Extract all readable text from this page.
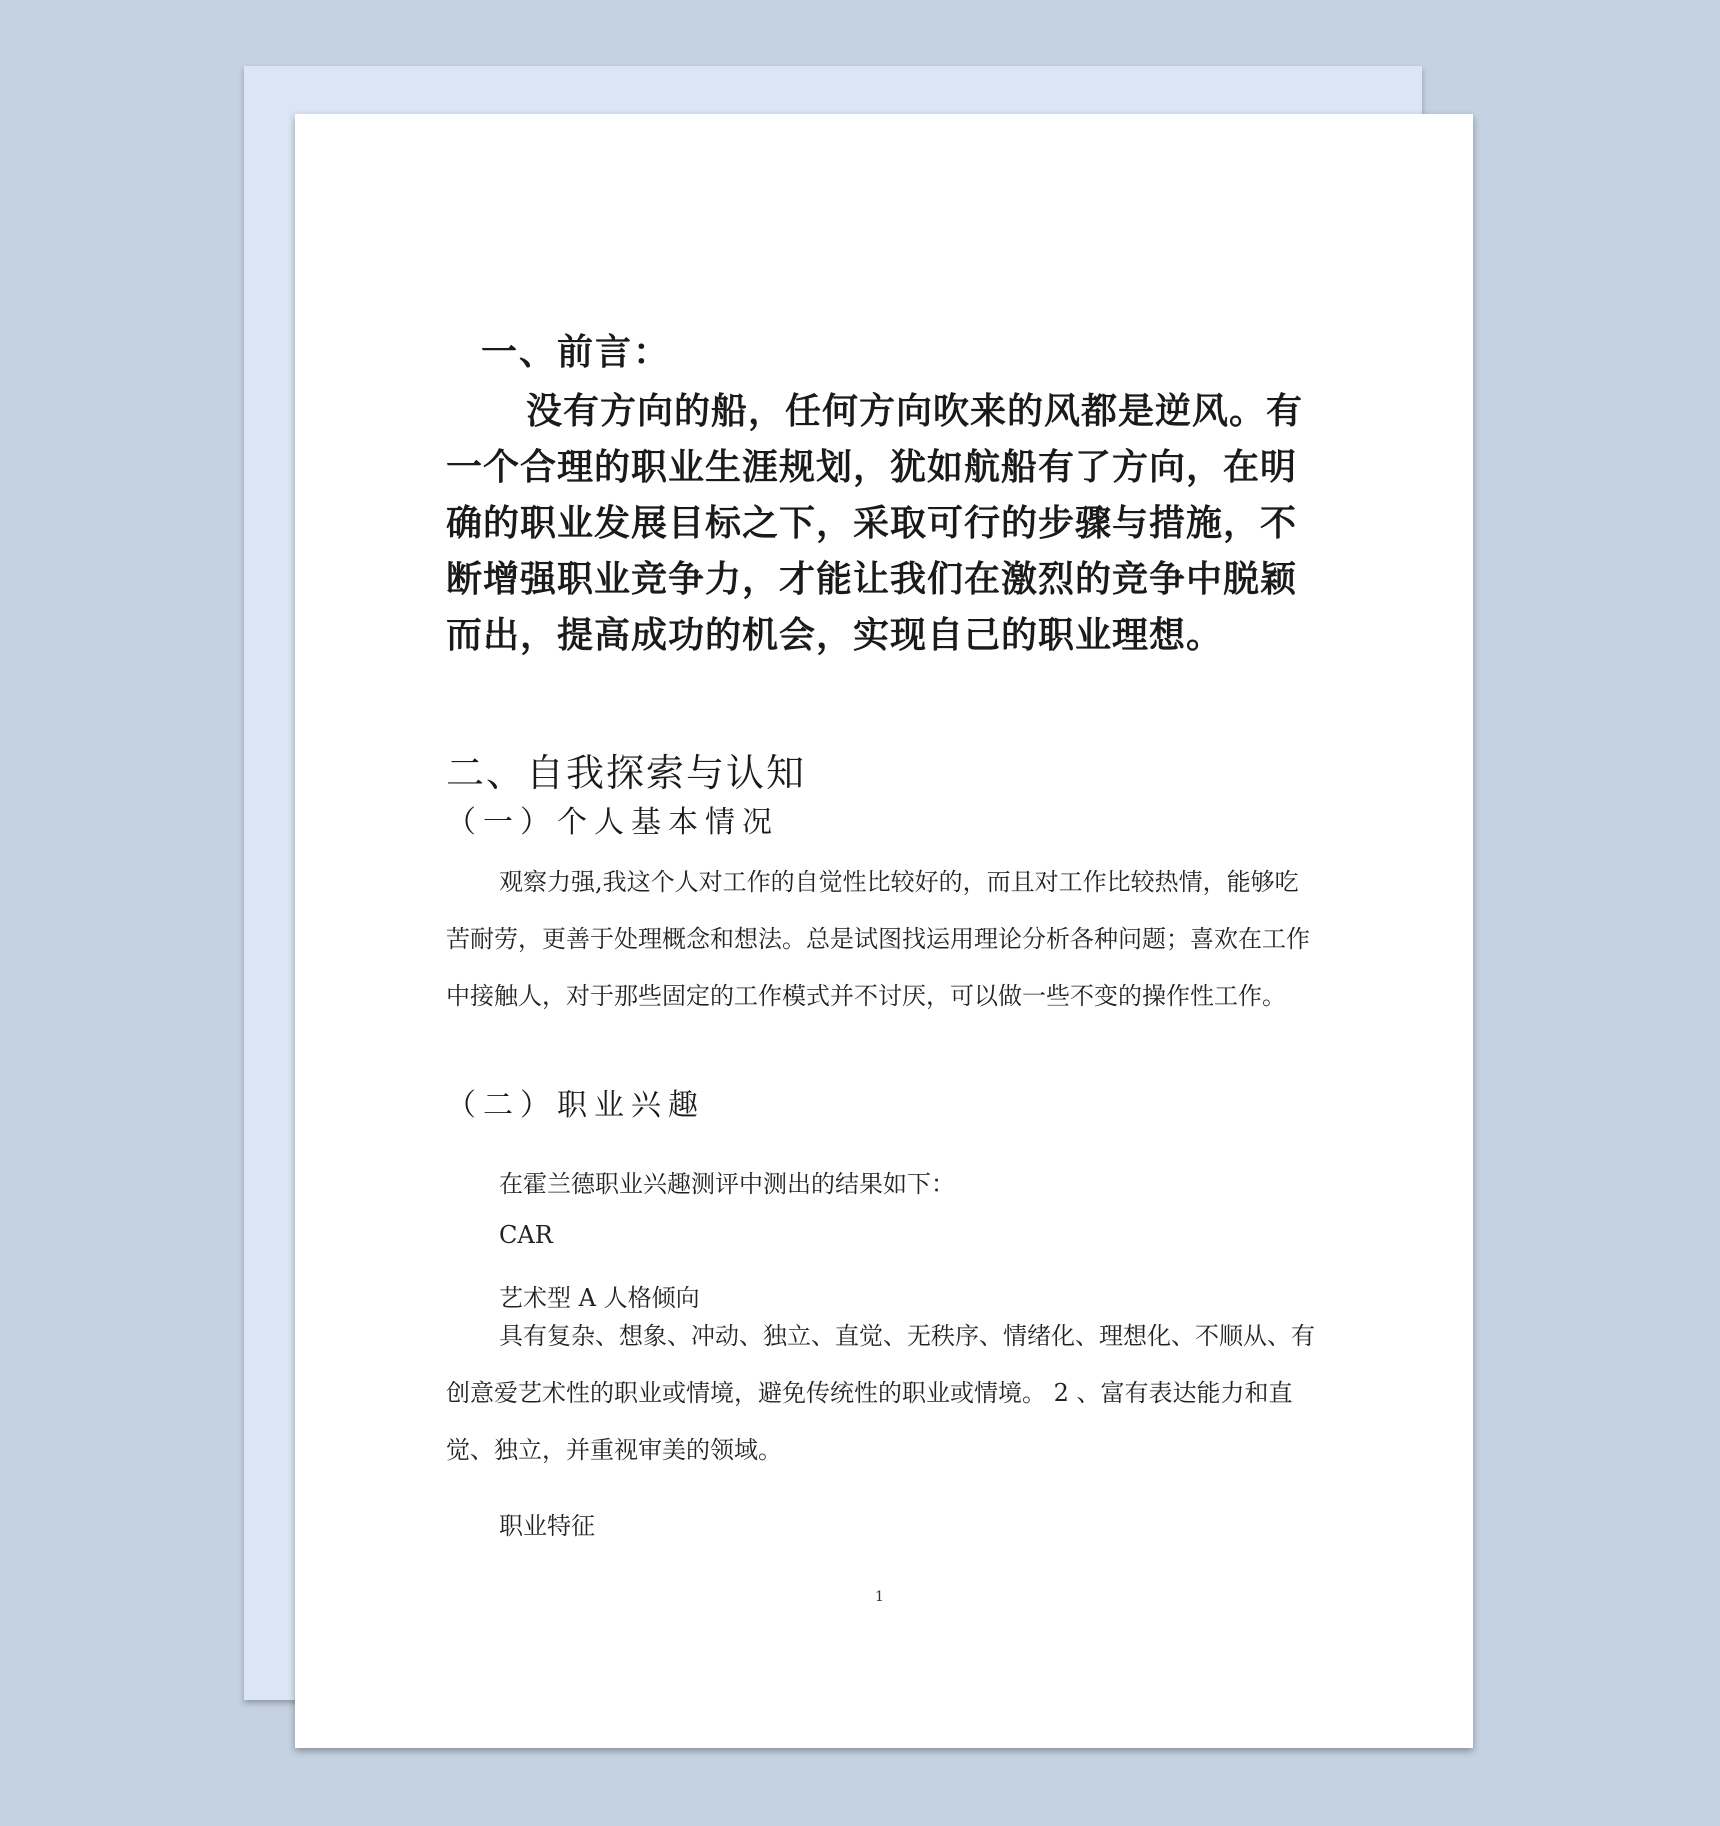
一、前言：

没有方向的船，任何方向吹来的风都是逆风。有一个合理的职业生涯规划，犹如航船有了方向，在明确的职业发展目标之下，采取可行的步骤与措施，不断增强职业竞争力，才能让我们在激烈的竞争中脱颖而出，提高成功的机会，实现自己的职业理想。

二、自我探索与认知
（一）个人基本情况

观察力强,我这个人对工作的自觉性比较好的，而且对工作比较热情，能够吃苦耐劳，更善于处理概念和想法。总是试图找运用理论分析各种问题；喜欢在工作中接触人，对于那些固定的工作模式并不讨厌，可以做一些不变的操作性工作。

（二）职业兴趣
在霍兰德职业兴趣测评中测出的结果如下：
CAR
艺术型 A 人格倾向

具有复杂、想象、冲动、独立、直觉、无秩序、情绪化、理想化、不顺从、有创意爱艺术性的职业或情境，避免传统性的职业或情境。 2 、富有表达能力和直觉、独立，并重视审美的领域。

职业特征
1
